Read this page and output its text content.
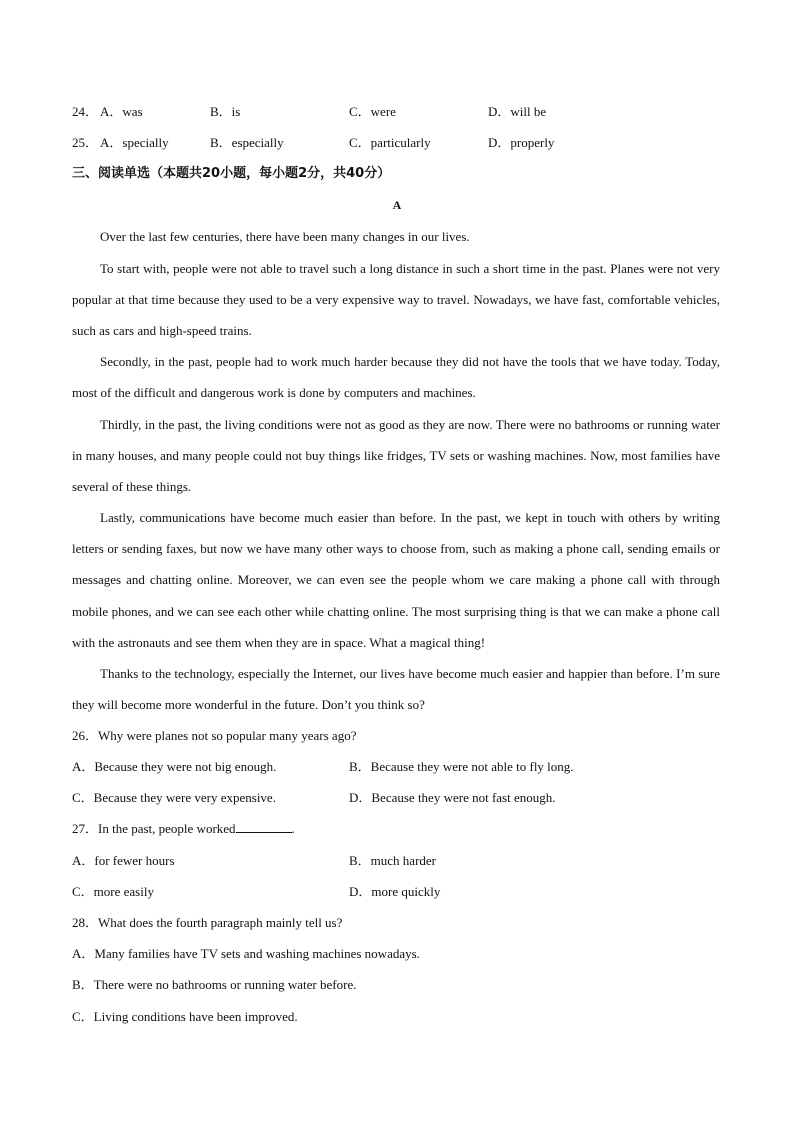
24． A．was	B．is	C．were	D．will be
25． A．specially	B．especially	C．particularly	D．properly
三、阅读单选（本题共20小题，每小题2分，共40分）
A
Over the last few centuries, there have been many changes in our lives.
To start with, people were not able to travel such a long distance in such a short time in the past. Planes were not very popular at that time because they used to be a very expensive way to travel. Nowadays, we have fast, comfortable vehicles, such as cars and high-speed trains.
Secondly, in the past, people had to work much harder because they did not have the tools that we have today. Today, most of the difficult and dangerous work is done by computers and machines.
Thirdly, in the past, the living conditions were not as good as they are now. There were no bathrooms or running water in many houses, and many people could not buy things like fridges, TV sets or washing machines. Now, most families have several of these things.
Lastly, communications have become much easier than before. In the past, we kept in touch with others by writing letters or sending faxes, but now we have many other ways to choose from, such as making a phone call, sending emails or messages and chatting online. Moreover, we can even see the people whom we care making a phone call with through mobile phones, and we can see each other while chatting online. The most surprising thing is that we can make a phone call with the astronauts and see them when they are in space. What a magical thing!
Thanks to the technology, especially the Internet, our lives have become much easier and happier than before. I’m sure they will become more wonderful in the future. Don’t you think so?
26．Why were planes not so popular many years ago?
A．Because they were not big enough.	B．Because they were not able to fly long.
C．Because they were very expensive.	D．Because they were not fast enough.
27．In the past, people worked	.
A．for fewer hours	B．much harder
C．more easily	D．more quickly
28．What does the fourth paragraph mainly tell us?
A．Many families have TV sets and washing machines nowadays.
B．There were no bathrooms or running water before.
C．Living conditions have been improved.
